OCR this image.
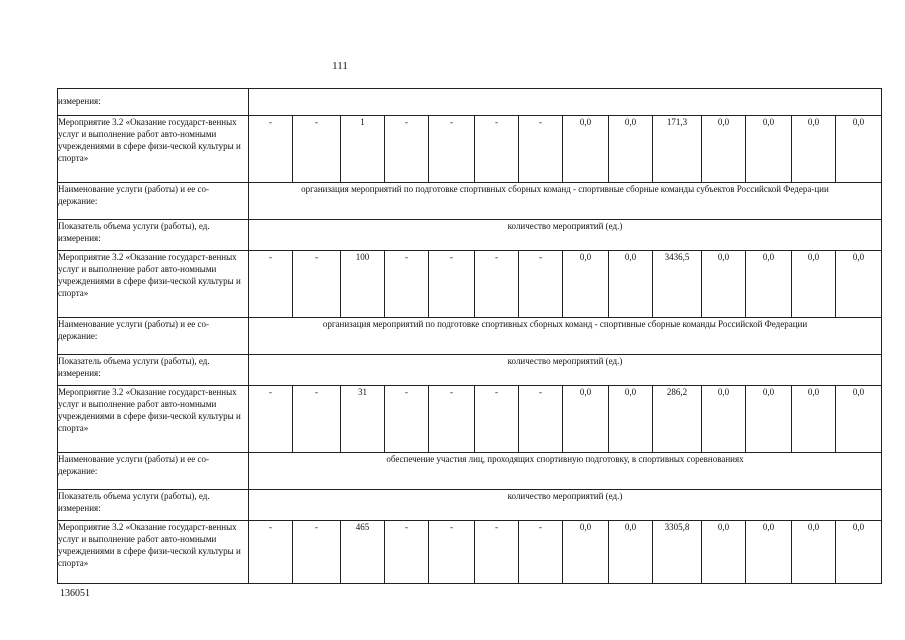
111
измерения:														
Мероприятие 3.2 «Оказание государст-венных услуг и выполнение работ авто-номными учреждениями в сфере физи-ческой культуры и спорта»	-	-	1	-	-	-	-	0,0	0,0	171,3	0,0	0,0	0,0	0,0
Наименование услуги (работы) и ее со-держание:	организация мероприятий по подготовке спортивных сборных команд - спортивные сборные команды субъектов Российской Федера-ции													
Показатель объема услуги (работы), ед. измерения:	количество мероприятий (ед.)													
Мероприятие 3.2 «Оказание государст-венных услуг и выполнение работ авто-номными учреждениями в сфере физи-ческой культуры и спорта»	-	-	100	-	-	-	-	0,0	0,0	3436,5	0,0	0,0	0,0	0,0
Наименование услуги (работы) и ее со-держание:	организация мероприятий по подготовке спортивных сборных команд - спортивные сборные команды Российской Федерации													
Показатель объема услуги (работы), ед. измерения:	количество мероприятий (ед.)													
Мероприятие 3.2 «Оказание государст-венных услуг и выполнение работ авто-номными учреждениями в сфере физи-ческой культуры и спорта»	-	-	31	-	-	-	-	0,0	0,0	286,2	0,0	0,0	0,0	0,0
Наименование услуги (работы) и ее со-держание:	обеспечение участия лиц, проходящих спортивную подготовку, в спортивных соревнованиях													
Показатель объема услуги (работы), ед. измерения:	количество мероприятий (ед.)													
Мероприятие 3.2 «Оказание государст-венных услуг и выполнение работ авто-номными учреждениями в сфере физи-ческой культуры и спорта»	-	-	465	-	-	-	-	0,0	0,0	3305,8	0,0	0,0	0,0	0,0
136051
